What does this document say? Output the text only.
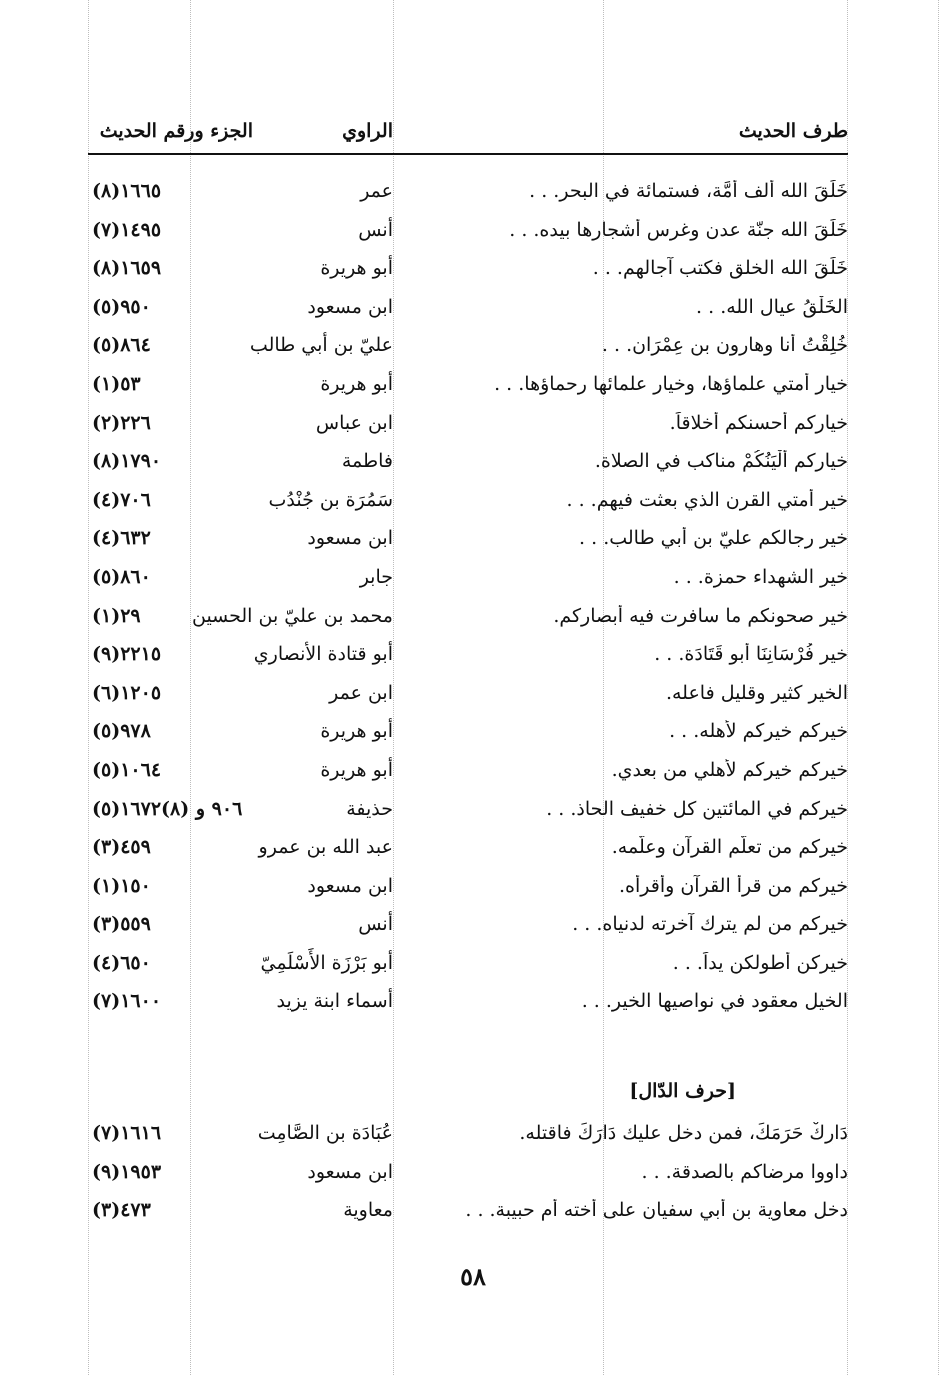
طرف الحديث
الراوي
الجزء ورقم الحديث
خَلَقَ الله ألف أُمَّة، فستمائة في البحر. . .
عمر
١٦٦٥(٨)
خَلَقَ الله جنّة عدن وغرس أشجارها بيده. . .
أنس
١٤٩٥(٧)
خَلَقَ الله الخلق فكتب آجالهم. . .
أبو هريرة
١٦٥٩(٨)
الخَلْقُ عيال الله. . .
ابن مسعود
٩٥٠(٥)
خُلِقْتُ أنا وهارون بن عِمْرَان. . .
عليّ بن أبي طالب
٨٦٤(٥)
خيار أمتي علماؤها، وخيار علمائها رحماؤها. . .
أبو هريرة
٥٣(١)
خياركم أحسنكم أخلاقاً.
ابن عباس
٢٢٦(٢)
خياركم أَلْيَنُكُمْ مناكب في الصلاة.
فاطمة
١٧٩٠(٨)
خير أمتي القرن الذي بعثت فيهم. . .
سَمُرَة بن جُنْدُب
٧٠٦(٤)
خير رجالكم عليّ بن أبي طالب. . .
ابن مسعود
٦٣٢(٤)
خير الشهداء حمزة. . .
جابر
٨٦٠(٥)
خير صحونكم ما سافرت فيه أبصاركم.
محمد بن عليّ بن الحسين
٢٩(١)
خير فُرْسَانِنَا أبو قَتَادَة. . .
أبو قتادة الأنصاري
٢٢١٥(٩)
الخير كثير وقليل فاعله.
ابن عمر
١٢٠٥(٦)
خيركم خيركم لأهله. . .
أبو هريرة
٩٧٨(٥)
خيركم خيركم لأهلي من بعدي.
أبو هريرة
١٠٦٤(٥)
خيركم في المائتين كل خفيف الحاذ. . .
حذيفة
(٥)٩٠٦ و (٨)١٦٧٢
خيركم من تعلّم القرآن وعلّمه.
عبد الله بن عمرو
٤٥٩(٣)
خيركم من قرأ القرآن وأقرأه.
ابن مسعود
١٥٠(١)
خيركم من لم يترك آخرته لدنياه. . .
أنس
٥٥٩(٣)
خيركن أطولكن يداً. . .
أبو بَرْزَة الأَسْلَمِيّ
٦٥٠(٤)
الخيل معقود في نواصيها الخير. . .
أسماء ابنة يزيد
١٦٠٠(٧)
[حرف الدّال]
دَارِكْ حَرَمَكَ، فمن دخل عليك دَارَكَ فاقتله.
عُبَادَة بن الصَّامِت
١٦١٦(٧)
داووا مرضاكم بالصدقة. . .
ابن مسعود
١٩٥٣(٩)
دخل معاوية بن أبي سفيان على أخته أم حبيبة. . .
معاوية
٤٧٣(٣)
٥٨
